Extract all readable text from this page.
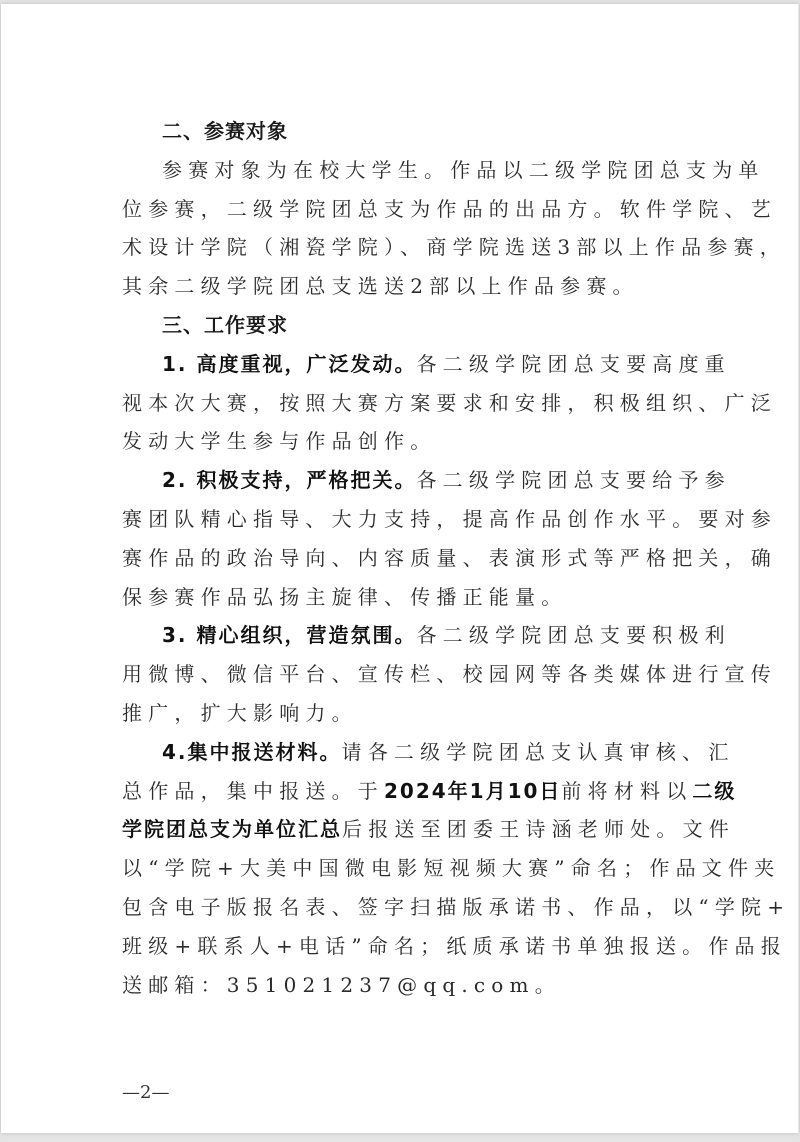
二、参赛对象
参赛对象为在校大学生。作品以二级学院团总支为单
位参赛，二级学院团总支为作品的出品方。软件学院、艺
术设计学院（湘瓷学院）、商学院选送3部以上作品参赛，
其余二级学院团总支选送2部以上作品参赛。
三、工作要求
1. 高度重视，广泛发动。各二级学院团总支要高度重
视本次大赛，按照大赛方案要求和安排，积极组织、广泛
发动大学生参与作品创作。
2. 积极支持，严格把关。各二级学院团总支要给予参
赛团队精心指导、大力支持，提高作品创作水平。要对参
赛作品的政治导向、内容质量、表演形式等严格把关，确
保参赛作品弘扬主旋律、传播正能量。
3. 精心组织，营造氛围。各二级学院团总支要积极利
用微博、微信平台、宣传栏、校园网等各类媒体进行宣传
推广，扩大影响力。
4.集中报送材料。请各二级学院团总支认真审核、汇
总作品，集中报送。于2024年1月10日前将材料以二级
学院团总支为单位汇总后报送至团委王诗涵老师处。文件
以“学院+大美中国微电影短视频大赛”命名；作品文件夹
包含电子版报名表、签字扫描版承诺书、作品，以“学院+
班级+联系人+电话”命名；纸质承诺书单独报送。作品报
送邮箱：351021237@qq.com。
—2—
